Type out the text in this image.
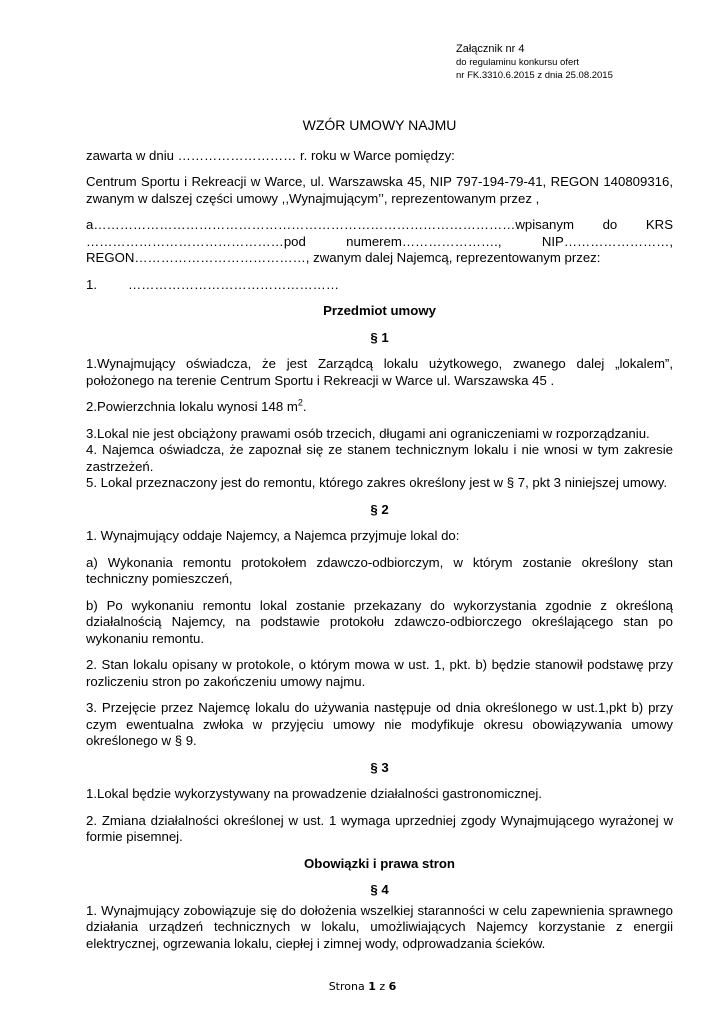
Załącznik nr 4
do regulaminu konkursu ofert
nr FK.3310.6.2015 z dnia 25.08.2015
WZÓR UMOWY NAJMU

zawarta w dniu ……………………… r. roku w Warce pomiędzy:

Centrum Sportu i Rekreacji w Warce, ul. Warszawska 45, NIP 797-194-79-41, REGON 140809316, zwanym w dalszej części umowy ,,Wynajmującym’’, reprezentowanym przez ,

a……………………………………………………………………………………wpisanym do KRS
………………………………………pod numerem…………………., NIP……………………,
REGON…………………………………, zwanym dalej Najemcą, reprezentowanym przez:
1. …………………………………………
Przedmiot umowy
§ 1

1.Wynajmujący oświadcza, że jest Zarządcą lokalu użytkowego, zwanego dalej „lokalem”, położonego na terenie Centrum Sportu i Rekreacji w Warce ul. Warszawska 45 .

2.Powierzchnia lokalu wynosi 148 $m^2$.

3.Lokal nie jest obciążony prawami osób trzecich, długami ani ograniczeniami w rozporządzaniu.

4. Najemca oświadcza, że zapoznał się ze stanem technicznym lokalu i nie wnosi w tym zakresie zastrzeżeń.

5. Lokal przeznaczony jest do remontu, którego zakres określony jest w § 7, pkt 3 niniejszej umowy.

§ 2

1. Wynajmujący oddaje Najemcy, a Najemca przyjmuje lokal do:

a) Wykonania remontu protokołem zdawczo-odbiorczym, w którym zostanie określony stan techniczny pomieszczeń,

b) Po wykonaniu remontu lokal zostanie przekazany do wykorzystania zgodnie z określoną działalnością Najemcy, na podstawie protokołu zdawczo-odbiorczego określającego stan po wykonaniu remontu.

2. Stan lokalu opisany w protokole, o którym mowa w ust. 1, pkt. b) będzie stanowił podstawę przy rozliczeniu stron po zakończeniu umowy najmu.

3. Przejęcie przez Najemcę lokalu do używania następuje od dnia określonego w ust.1,pkt b) przy czym ewentualna zwłoka w przyjęciu umowy nie modyfikuje okresu obowiązywania umowy określonego w § 9.

§ 3

1.Lokal będzie wykorzystywany na prowadzenie działalności gastronomicznej.

2. Zmiana działalności określonej w ust. 1 wymaga uprzedniej zgody Wynajmującego wyrażonej w formie pisemnej.

Obowiązki i prawa stron
§ 4

1. Wynajmujący zobowiązuje się do dołożenia wszelkiej staranności w celu zapewnienia sprawnego działania urządzeń technicznych w lokalu, umożliwiających Najemcy korzystanie z energii elektrycznej, ogrzewania lokalu, ciepłej i zimnej wody, odprowadzania ścieków.

Strona 1 z 6
